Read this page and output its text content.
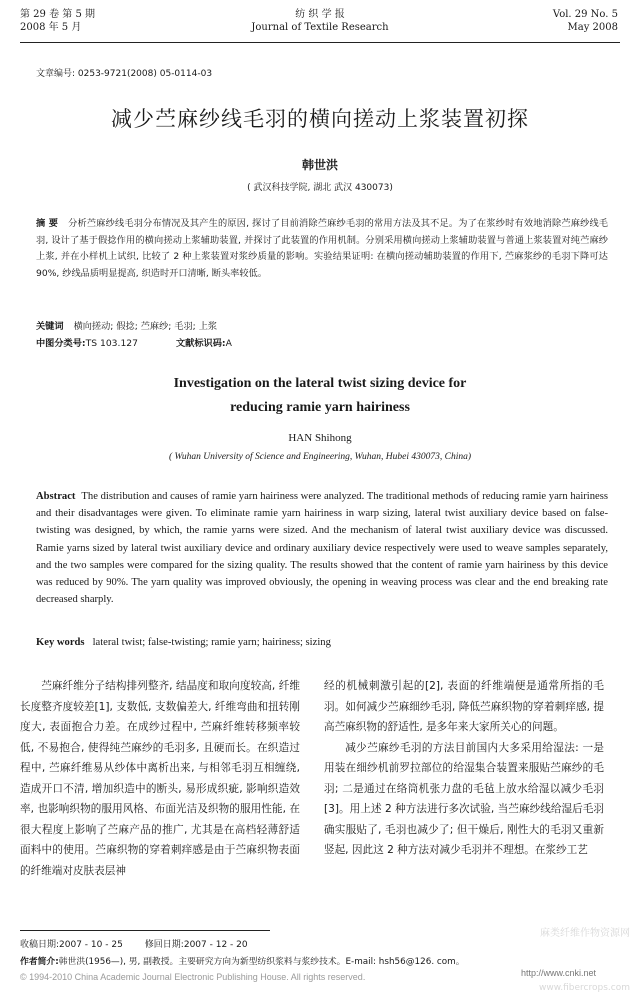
第 29 卷 第 5 期
2008 年 5 月
纺 织 学 报
Journal of Textile Research
Vol. 29 No. 5
May 2008
文章编号: 0253-9721(2008) 05-0114-03
减少苎麻纱线毛羽的横向搓动上浆装置初探
韩世洪
( 武汉科技学院, 湖北 武汉 430073)
摘 要 分析苎麻纱线毛羽分布情况及其产生的原因, 探讨了目前消除苎麻纱毛羽的常用方法及其不足。为了在浆纱时有效地消除苎麻纱线毛羽, 设计了基于假捻作用的横向搓动上浆辅助装置, 并探讨了此装置的作用机制。分别采用横向搓动上浆辅助装置与普通上浆装置对纯苎麻纱上浆, 并在小样机上试织, 比较了 2 种上浆装置对浆纱质量的影响。实验结果证明: 在横向搓动辅助装置的作用下, 苎麻浆纱的毛羽下降可达 90%, 纱线品质明显提高, 织造时开口清晰, 断头率较低。
关键词 横向搓动; 假捻; 苎麻纱; 毛羽; 上浆
中图分类号:TS 103.127	文献标识码:A
Investigation on the lateral twist sizing device for
reducing ramie yarn hairiness
HAN Shihong
( Wuhan University of Science and Engineering, Wuhan, Hubei 430073, China)
Abstract The distribution and causes of ramie yarn hairiness were analyzed. The traditional methods of reducing ramie yarn hairiness and their disadvantages were given. To eliminate ramie yarn hairiness in warp sizing, lateral twist auxiliary device based on false-twisting was designed, by which, the ramie yarns were sized. And the mechanism of lateral twist auxiliary device was discussed. Ramie yarns sized by lateral twist auxiliary device and ordinary auxiliary device respectively were used to weave samples separately, and the two samples were compared for the sizing quality. The results showed that the content of ramie yarn hairiness by this device was reduced by 90%. The yarn quality was improved obviously, the opening in weaving process was clear and the end breaking rate decreased sharply.
Key words lateral twist; false-twisting; ramie yarn; hairiness; sizing

苎麻纤维分子结构排列整齐, 结晶度和取向度较高, 纤维长度整齐度较差[1], 支数低, 支数偏差大, 纤维弯曲和扭转刚度大, 表面抱合力差。在成纱过程中, 苎麻纤维转移频率较低, 不易抱合, 使得纯苎麻纱的毛羽多, 且硬而长。在织造过程中, 苎麻纤维易从纱体中离析出来, 与相邻毛羽互相缠绕, 造成开口不清, 增加织造中的断头, 易形成织疵, 影响织造效率, 也影响织物的服用风格、布面光洁及织物的服用性能, 在很大程度上影响了苎麻产品的推广, 尤其是在高档轻薄舒适面料中的使用。苎麻织物的穿着刺痒感是由于苎麻织物表面的纤维端对皮肤表层神

经的机械刺激引起的[2], 表面的纤维端便是通常所指的毛羽。如何减少苎麻细纱毛羽, 降低苎麻织物的穿着刺痒感, 提高苎麻织物的舒适性, 是多年来大家所关心的问题。

减少苎麻纱毛羽的方法目前国内大多采用给湿法: 一是用装在细纱机前罗拉部位的给湿集合装置来服贴苎麻纱的毛羽; 二是通过在络筒机张力盘的毛毡上放水给湿以减少毛羽[3]。用上述 2 种方法进行多次试验, 当苎麻纱线给湿后毛羽确实服贴了, 毛羽也减少了; 但干燥后, 刚性大的毛羽又重新竖起, 因此这 2 种方法对减少毛羽并不理想。在浆纱工艺

收稿日期:2007 - 10 - 25 修回日期:2007 - 12 - 20
作者简介:韩世洪(1956—), 男, 副教授。主要研究方向为新型纺织浆料与浆纱技术。E-mail: hsh56@126. com。
© 1994-2010 China Academic Journal Electronic Publishing House. All rights reserved.	http://www.cnki.net
麻类纤维作物资源网
www.fibercrops.com
